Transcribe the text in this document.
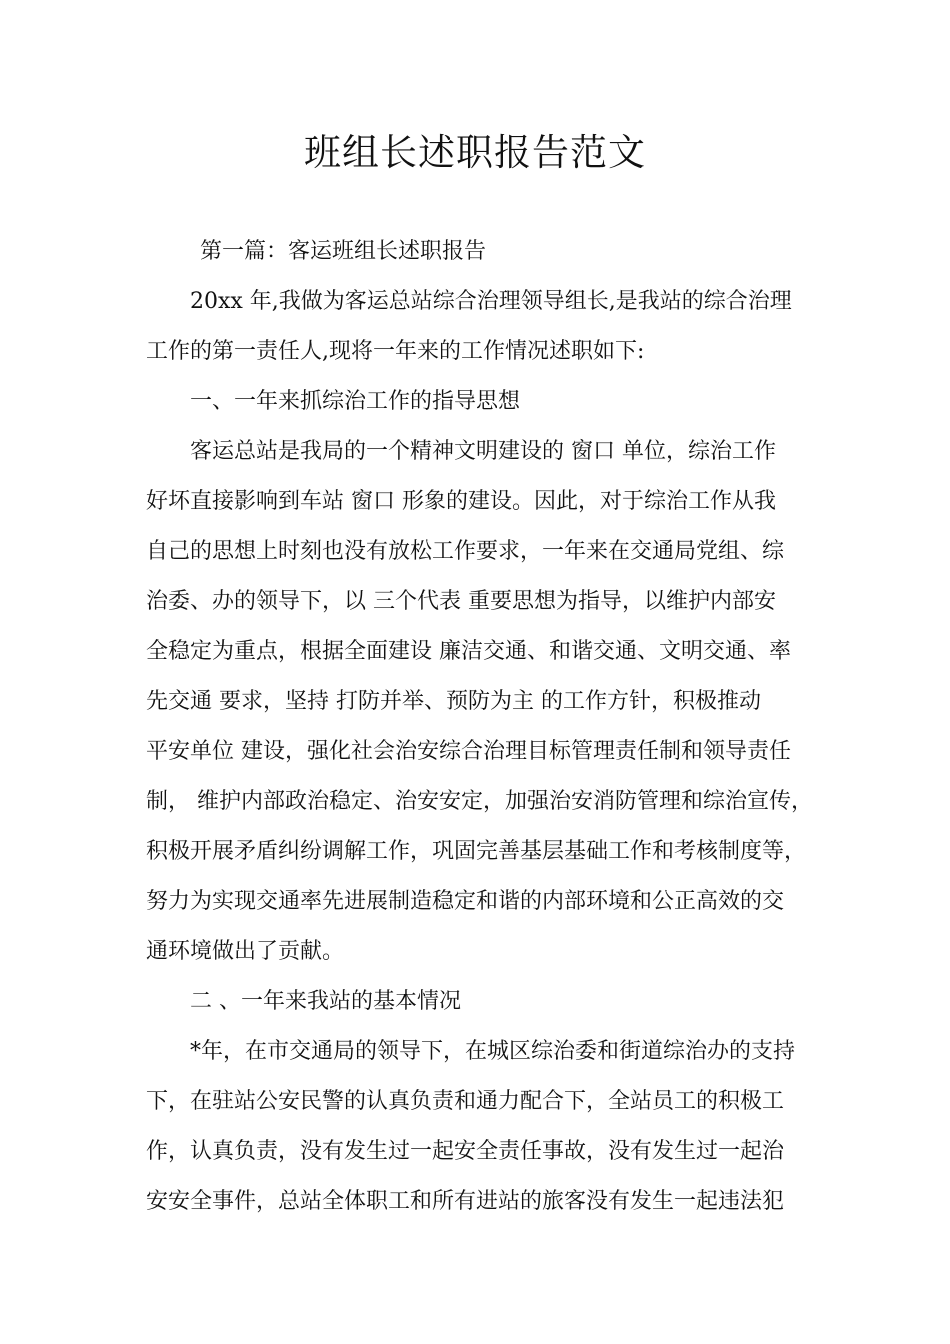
班组长述职报告范文

第一篇：客运班组长述职报告

20xx 年,我做为客运总站综合治理领导组长,是我站的综合治理

工作的第一责任人,现将一年来的工作情况述职如下:

一、一年来抓综治工作的指导思想

客运总站是我局的一个精神文明建设的 窗口 单位，综治工作

好坏直接影响到车站 窗口 形象的建设。因此，对于综治工作从我

自己的思想上时刻也没有放松工作要求，一年来在交通局党组、综

治委、办的领导下，以 三个代表 重要思想为指导，以维护内部安

全稳定为重点，根据全面建设 廉洁交通、和谐交通、文明交通、率

先交通 要求，坚持 打防并举、预防为主 的工作方针，积极推动

平安单位 建设，强化社会治安综合治理目标管理责任制和领导责任

制， 维护内部政治稳定、治安安定，加强治安消防管理和综治宣传，

积极开展矛盾纠纷调解工作，巩固完善基层基础工作和考核制度等，

努力为实现交通率先进展制造稳定和谐的内部环境和公正高效的交

通环境做出了贡献。

二 、一年来我站的基本情况

*年，在市交通局的领导下，在城区综治委和街道综治办的支持

下，在驻站公安民警的认真负责和通力配合下，全站员工的积极工

作，认真负责，没有发生过一起安全责任事故，没有发生过一起治

安安全事件，总站全体职工和所有进站的旅客没有发生一起违法犯
